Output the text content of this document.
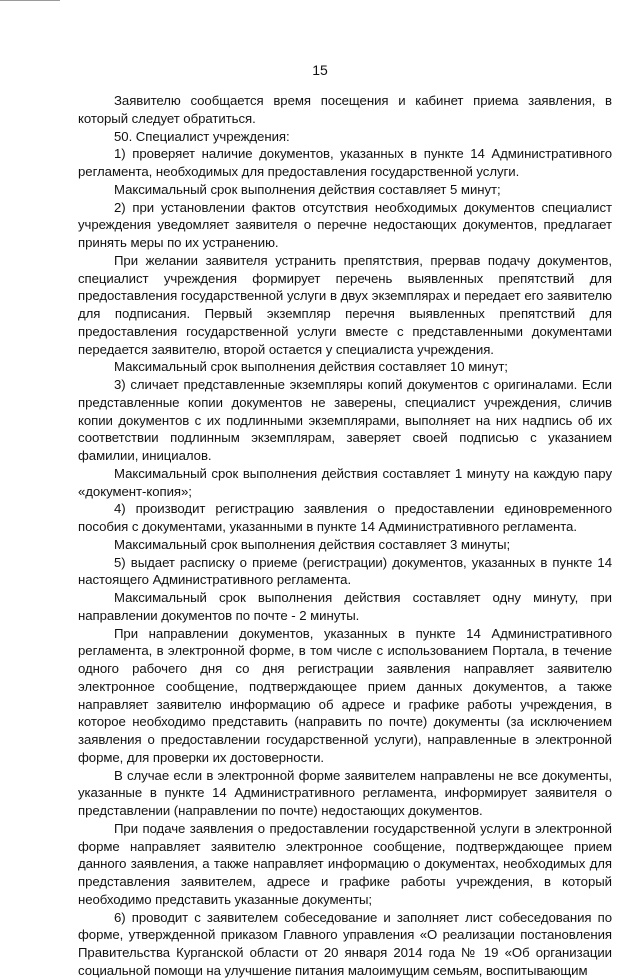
15

Заявителю сообщается время посещения и кабинет приема заявления, в который следует обратиться.

50. Специалист учреждения:

1) проверяет наличие документов, указанных в пункте 14 Административного регламента, необходимых для предоставления государственной услуги.

Максимальный срок выполнения действия составляет 5 минут;

2) при установлении фактов отсутствия необходимых документов специалист учреждения уведомляет заявителя о перечне недостающих документов, предлагает принять меры по их устранению.

При желании заявителя устранить препятствия, прервав подачу документов, специалист учреждения формирует перечень выявленных препятствий для предоставления государственной услуги в двух экземплярах и передает его заявителю для подписания. Первый экземпляр перечня выявленных препятствий для предоставления государственной услуги вместе с представленными документами передается заявителю, второй остается у специалиста учреждения.

Максимальный срок выполнения действия составляет 10 минут;

3) сличает представленные экземпляры копий документов с оригиналами. Если представленные копии документов не заверены, специалист учреждения, сличив копии документов с их подлинными экземплярами, выполняет на них надпись об их соответствии подлинным экземплярам, заверяет своей подписью с указанием фамилии, инициалов.

Максимальный срок выполнения действия составляет 1 минуту на каждую пару «документ-копия»;

4) производит регистрацию заявления о предоставлении единовременного пособия с документами, указанными в пункте 14 Административного регламента.

Максимальный срок выполнения действия составляет 3 минуты;

5) выдает расписку о приеме (регистрации) документов, указанных в пункте 14 настоящего Административного регламента.

Максимальный срок выполнения действия составляет одну минуту, при направлении документов по почте - 2 минуты.

При направлении документов, указанных в пункте 14 Административного регламента, в электронной форме, в том числе с использованием Портала, в течение одного рабочего дня со дня регистрации заявления направляет заявителю электронное сообщение, подтверждающее прием данных документов, а также направляет заявителю информацию об адресе и графике работы учреждения, в которое необходимо представить (направить по почте) документы (за исключением заявления о предоставлении государственной услуги), направленные в электронной форме, для проверки их достоверности.

В случае если в электронной форме заявителем направлены не все документы, указанные в пункте 14 Административного регламента, информирует заявителя о представлении (направлении по почте) недостающих документов.

При подаче заявления о предоставлении государственной услуги в электронной форме направляет заявителю электронное сообщение, подтверждающее прием данного заявления, а также направляет информацию о документах, необходимых для представления заявителем, адресе и графике работы учреждения, в который необходимо представить указанные документы;

6) проводит с заявителем собеседование и заполняет лист собеседования по форме, утвержденной приказом Главного управления «О реализации постановления Правительства Курганской области от 20 января 2014 года № 19 «Об организации социальной помощи на улучшение питания малоимущим семьям, воспитывающим
